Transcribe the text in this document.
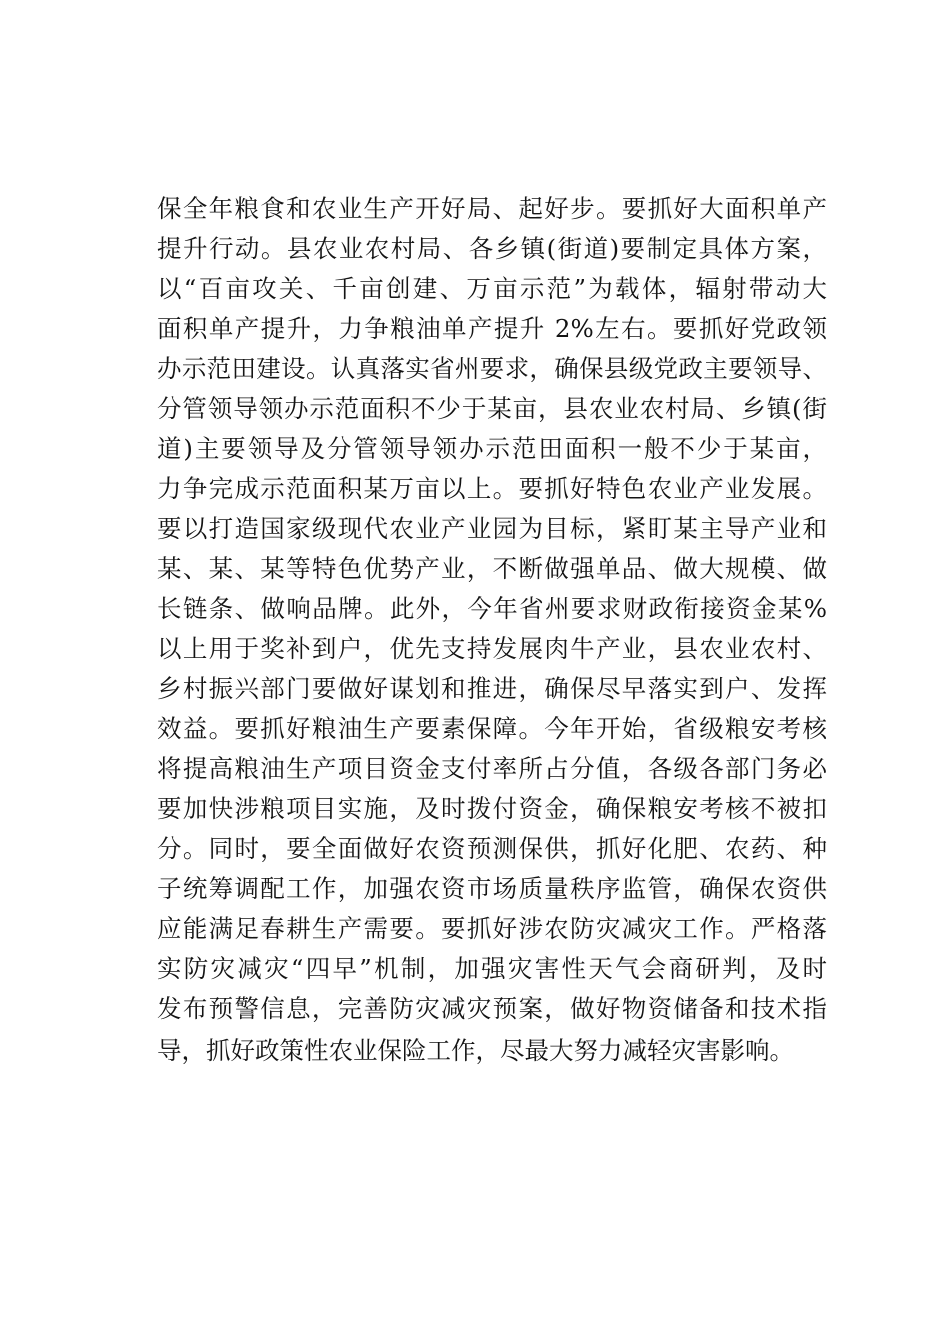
保全年粮食和农业生产开好局、起好步。要抓好大面积单产
提升行动。县农业农村局、各乡镇(街道)要制定具体方案，
以“百亩攻关、千亩创建、万亩示范”为载体，辐射带动大
面积单产提升，力争粮油单产提升 2%左右。要抓好党政领
办示范田建设。认真落实省州要求，确保县级党政主要领导、
分管领导领办示范面积不少于某亩，县农业农村局、乡镇(街
道)主要领导及分管领导领办示范田面积一般不少于某亩，
力争完成示范面积某万亩以上。要抓好特色农业产业发展。
要以打造国家级现代农业产业园为目标，紧盯某主导产业和
某、某、某等特色优势产业，不断做强单品、做大规模、做
长链条、做响品牌。此外，今年省州要求财政衔接资金某%
以上用于奖补到户，优先支持发展肉牛产业，县农业农村、
乡村振兴部门要做好谋划和推进，确保尽早落实到户、发挥
效益。要抓好粮油生产要素保障。今年开始，省级粮安考核
将提高粮油生产项目资金支付率所占分值，各级各部门务必
要加快涉粮项目实施，及时拨付资金，确保粮安考核不被扣
分。同时，要全面做好农资预测保供，抓好化肥、农药、种
子统筹调配工作，加强农资市场质量秩序监管，确保农资供
应能满足春耕生产需要。要抓好涉农防灾减灾工作。严格落
实防灾减灾“四早”机制，加强灾害性天气会商研判，及时
发布预警信息，完善防灾减灾预案，做好物资储备和技术指
导，抓好政策性农业保险工作，尽最大努力减轻灾害影响。
